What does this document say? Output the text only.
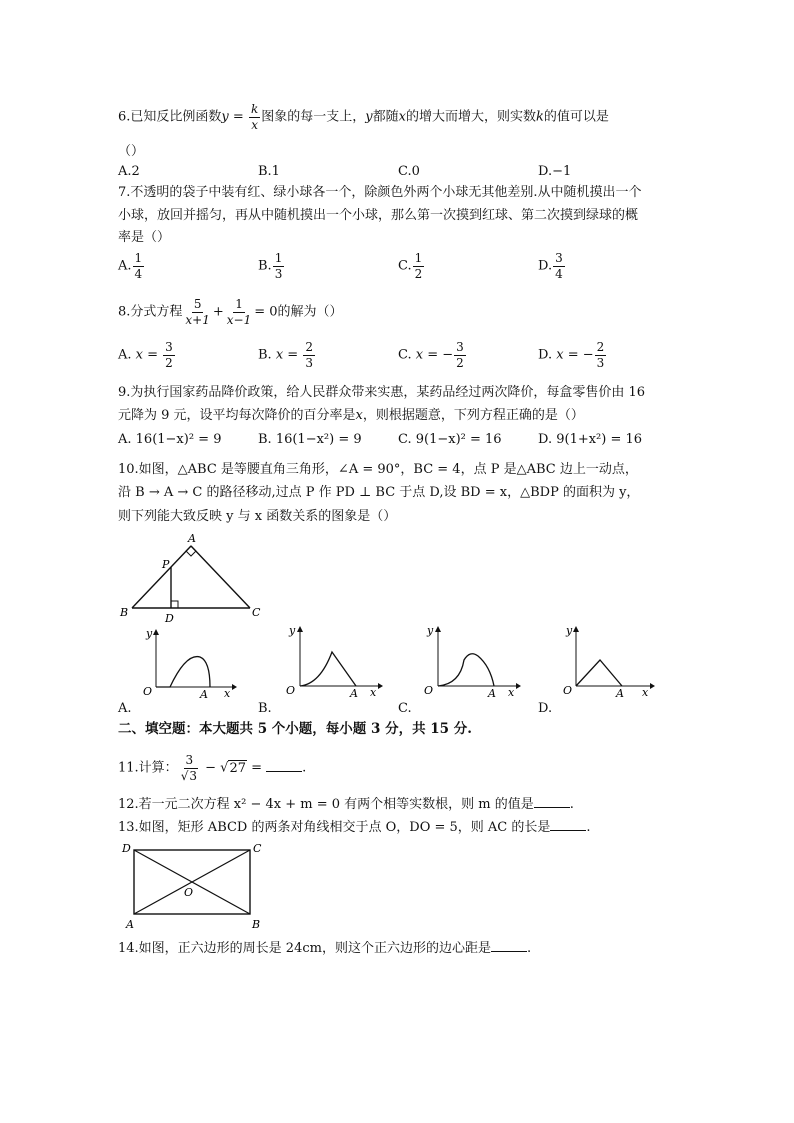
6.已知反比例函数$y = \frac{k}{x}$ 图象的每一支上，y都随x的增大而增大，则实数k的值可以是
（）
A.2	B.1	C.0	D.−1
7.不透明的袋子中装有红、绿小球各一个，除颜色外两个小球无其他差别.从中随机摸出一个
小球，放回并摇匀，再从中随机摸出一个小球，那么第一次摸到红球、第二次摸到绿球的概
率是（）
A. $\frac{1}{4}$	B. $\frac{1}{3}$	C. $\frac{1}{2}$	D. $\frac{3}{4}$
8.分式方程 $\frac{5}{x+1} + \frac{1}{x-1} = 0$的解为（）
A. $x = \frac{3}{2}$	B. $x = \frac{2}{3}$	C. x = − $\frac{3}{2}$	D. x = − $\frac{2}{3}$
9.为执行国家药品降价政策，给人民群众带来实惠，某药品经过两次降价，每盒零售价由 16
元降为 9 元，设平均每次降价的百分率是x，则根据题意，下列方程正确的是（）
A. 16(1−x)² = 9	B. 16(1−x²) = 9	C. 9(1−x)² = 16	D. 9(1+x²) = 16
10.如图，△ABC 是等腰直角三角形，∠A = 90°，BC = 4，点 P 是△ABC 边上一动点，
沿 B → A → C 的路径移动,过点 P 作 PD ⊥ BC 于点 D,设 BD = x，△BDP 的面积为 y，
则下列能大致反映 y 与 x 函数关系的图象是（）
A
B	C
P
D
y
O	A x
y
O	A x
y
O	A x
y
O	A x
A.	B.	C.	D.
二、填空题：本大题共 5 个小题，每小题 3 分，共 15 分.
11.计算： $\frac{3}{√3} - √27$ =	.
12.若一元二次方程 x² − 4x + m = 0 有两个相等实数根，则 m 的值是	.
13.如图，矩形 ABCD 的两条对角线相交于点 O，DO = 5，则 AC 的长是	.
D	C
A	B
O
14.如图，正六边形的周长是 24cm，则这个正六边形的边心距是	.
